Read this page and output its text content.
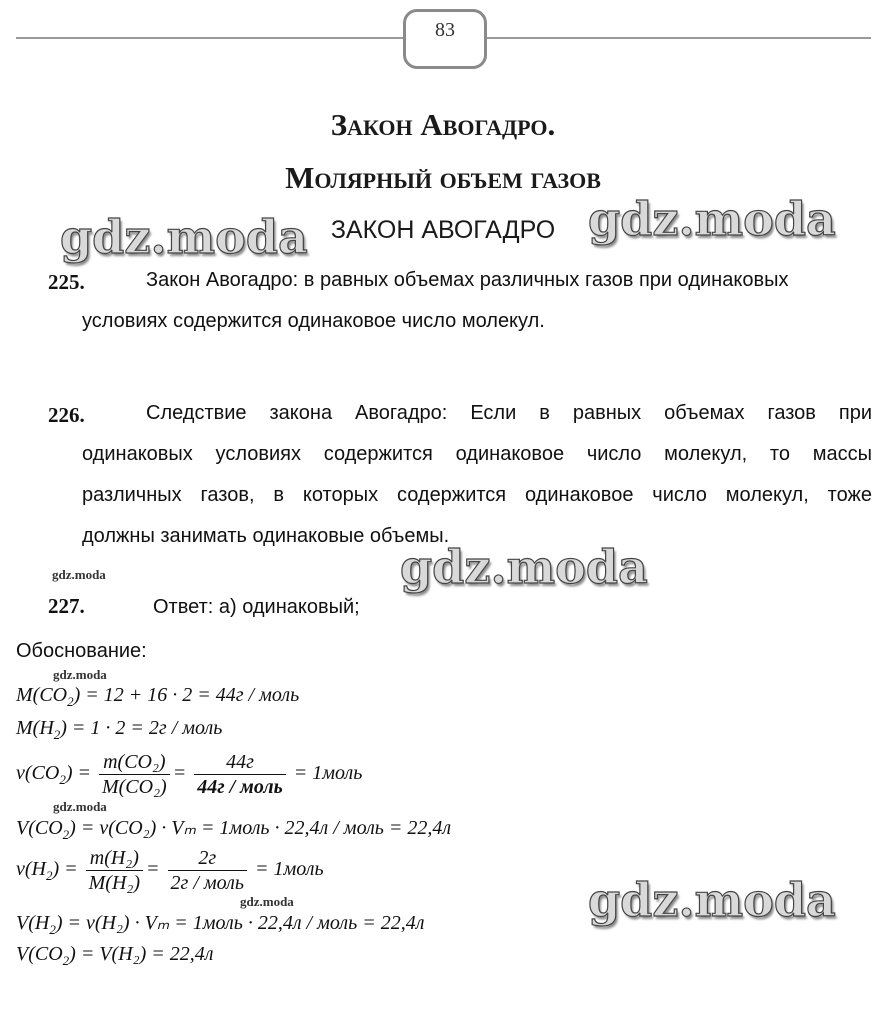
83
Закон Авогадро.
Молярный объем газов
ЗАКОН АВОГАДРО
gdz.moda	gdz.moda
gdz.moda
gdz.moda
gdz.moda
gdz.moda
gdz.moda
gdz.moda
225.	Закон Авогадро: в равных объемах различных газов при одинаковых
условиях содержится одинаковое число молекул.
226.	Следствие закона Авогадро: Если в равных объемах газов при
одинаковых условиях содержится одинаковое число молекул, то массы
различных газов, в которых содержится одинаковое число молекул, тоже
должны занимать одинаковые объемы.
227.	Ответ: а) одинаковый;
Обоснование:
$M(CO_2) = 12 + 16 \cdot 2 = 44г$ / моль
$M(H_2) = 1 \cdot 2 = 2г$ / моль
$\nu(CO_2) = \frac{\text{m(CO₂)}}{\text{M(CO₂)}} = \frac{44г}{\text{44г / моль}}$ = 1моль
$V(CO_2) = \nu(CO_2) \cdot V_m$ = 1моль · 22,4л / моль = 22,4л
$\nu(H_2) = \frac{\text{m(H₂)}}{\text{M(H₂)}} = \frac{2г}{\text{2г / моль}}$ = 1моль
$V(H_2) = \nu(H_2) \cdot V_m$ = 1моль · 22,4л / моль = 22,4л
$V(CO_2) = V(H_2) = 22,4л$
